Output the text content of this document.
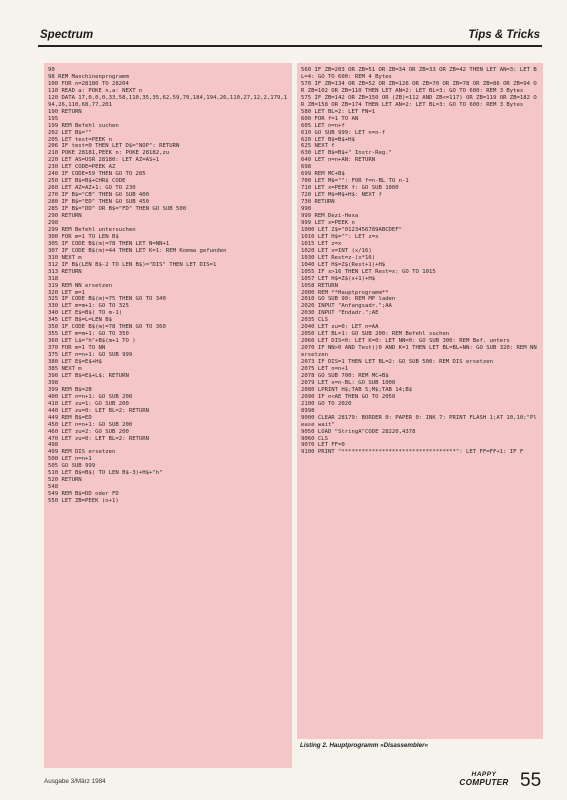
Spectrum	Tips & Tricks
90
98 REM Maschinenprogramm
100 FOR n=28180 TO 28204
110 READ a: POKE n,a: NEXT n
120 DATA 17,0,0,0,33,58,110,35,35,62,59,70,184,194,26,110,27,12,2,179,194,26,110,68,77,201
190 RETURN
195
199 REM Befehl suchen
202 LET B$=""
205 LET test=PEEK n
206 IF test=0 THEN LET D$="NOP": RETURN
210 POKE 28181,PEEK n: POKE 28182,zu
220 LET AS=USR 28180: LET AZ=AS+1
230 LET CODE=PEEK AZ
240 IF CODE=59 THEN GO TO 285
250 LET B$=B$+CHR$ CODE
260 LET AZ=AZ+1: GO TO 230
270 IF B$="CB" THEN GO SUB 400
280 IF B$="ED" THEN GO SUB 450
285 IF B$="DD" OR B$="FD" THEN GO SUB 500
290 RETURN
298
299 REM Befehl untersuchen
300 FOR m=1 TO LEN B$
305 IF CODE B$(m)=78 THEN LET N=NN+1
307 IF CODE B$(m)=44 THEN LET K=1: REM Komma gefunden
310 NEXT m
312 IF B$(LEN B$-2 TO LEN B$)="DIS" THEN LET DIS=1
313 RETURN
318
319 REM NN ersetzen
320 LET m=1
325 IF CODE B$(m)=75 THEN GO TO 340
330 LET m=m+1: GO TO 325
340 LET E$=B$( TO m-1)
345 LET B$=L=LEN B$
350 IF CODE B$(m)=78 THEN GO TO 360
355 LET m=m+1: GO TO 350
360 LET L$="h"+B$(m+1 TO )
370 FOR m=1 TO NN
375 LET n=n+1: GO SUB 999
380 LET E$=E$+H$
385 NEXT m
390 LET B$=E$+L$: RETURN
398
399 REM B$=2B
400 LET n=n+1: GO SUB 200
410 LET zu=1: GO SUB 200
440 LET zu=0: LET BL=2: RETURN
449 REM B$=ED
450 LET n=n+1: GO SUB 200
460 LET zu=2: GO SUB 200
470 LET zu=0: LET BL=2: RETURN
498
499 REM DIS ersetzen
500 LET n=n+1
505 GO SUB 999
510 LET B$=B$( TO LEN B$-3)+H$+"h"
520 RETURN
548
549 REM B$=DD oder FD
550 LET ZB=PEEK (n+1)
560 IF ZB=203 OR ZB=51 OR ZB=34 OR ZB=33 OR ZB=42 THEN LET AN=3: LET BL=4: GO TO 600: REM 4 Bytes
570 IF ZB=134 OR ZB=52 OR ZB=126 OR ZB=70 OR ZB=78 OR ZB=86 OR ZB=94 OR ZB=102 OR ZB=110 THEN LET AN=2: LET BL=3: GO TO 600: REM 3 Bytes
575 IF ZB=142 OR ZB=150 OR (ZB)=112 AND ZB<=117) OR ZB=119 OR ZB=182 OR ZB=158 OR ZB=174 THEN LET AN=2: LET BL=3: GO TO 600: REM 3 Bytes
580 LET BL=2: LET FN=1
600 FOR f=1 TO AN
605 LET n=n+f
610 GO SUB 999: LET n=n-f
620 LET B$=B$+H$
625 NEXT f
630 LET B$=B$+" Instr-Reg."
640 LET n=n+AN: RETURN
698
699 REM MC+B$
700 LET M$="": FOR f=n-BL TO n-1
710 LET x=PEEK f: GO SUB 1000
720 LET M$=M$+H$: NEXT f
730 RETURN
998
999 REM Dezi-Hexa
999 LET x=PEEK n
1000 LET Z$="0123456789ABCDEF"
1010 LET H$="": LET z=x
1015 LET z=x
1020 LET x=INT (x/16)
1030 LET Rest=z-(x*16)
1040 LET H$=Z$(Rest+1)+H$
1055 IF x>16 THEN LET Rest=x: GO TO 1015
1057 LET H$=Z$(x+1)+H$
1058 RETURN
2000 REM **Hauptprogramm**
2010 GO SUB 90: REM MP laden
2020 INPUT "Anfangsadr.";AA
2030 INPUT "Endadr.";AE
2035 CLS
2040 LET zu=0: LET n=AA
2050 LET BL=1: GO SUB 200: REM Befehl suchen
2060 LET DIS=0: LET K=0: LET NN=0: GO SUB 300: REM Bef. unters
2070 IF NN>0 AND Test()0 AND K=1 THEN LET BL=BL+NN: GO SUB 320: REM NN ersetzen
2073 IF DIS=1 THEN LET BL=2: GO SUB 500: REM DIS ersetzen
2075 LET n=n+1
2078 GO SUB 700: REM MC+B$
2079 LET x=n-BL: GO SUB 1000
2080 LPRINT H$;TAB 5;M$;TAB 14;B$
2090 IF n<AE THEN GO TO 2050
2100 GO TO 2020
8998
9000 CLEAR 28179: BORDER 0: PAPER 0: INK 7: PRINT FLASH 1;AT 10,10;"Please wait"
9050 LOAD "StringA"CODE 28220,4378
9060 CLS
9070 LET FF=0
9100 PRINT "**********************************": LET FF=FF+1: IF F
Listing 2. Hauptprogramm »Disassembler«
Ausgabe 3/März 1984
HAPPY
COMPUTER 55
